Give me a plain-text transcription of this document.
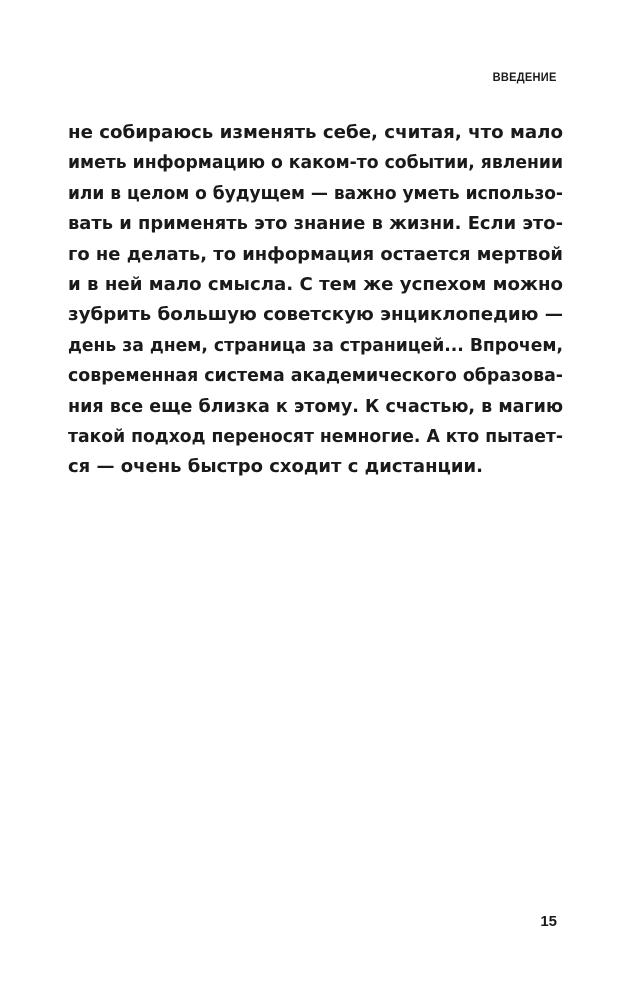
ВВЕДЕНИЕ
не собираюсь изменять себе, считая, что мало
иметь информацию о каком-то событии, явлении
или в целом о будущем — важно уметь использо-
вать и применять это знание в жизни. Если это-
го не делать, то информация остается мертвой
и в ней мало смысла. С тем же успехом можно
зубрить большую советскую энциклопедию —
день за днем, страница за страницей... Впрочем,
современная система академического образова-
ния все еще близка к этому. К счастью, в магию
такой подход переносят немногие. А кто пытает-
ся — очень быстро сходит с дистанции.
15
